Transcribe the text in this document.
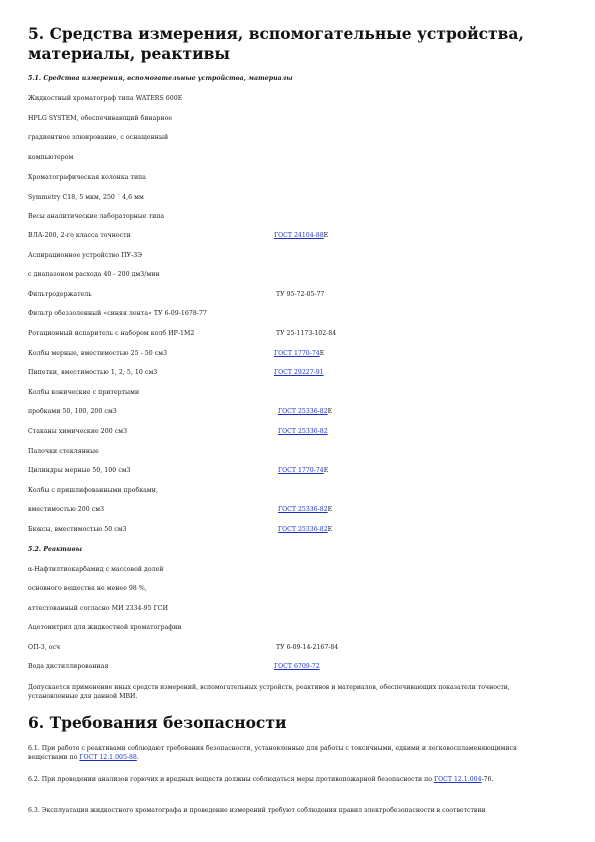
5. Средства измерения, вспомогательные устройства,
материалы, реактивы
5.1. Средства измерения, вспомогательные устройства, материалы
Жидкостный хроматограф типа WATERS 600E
HPLG SYSTEM, обеспечивающий бинарное
градиентное элюирование, с оснащенный
компьютером
Хроматографическая колонка типа
Symmetry C18, 5 мкм, 250 ´ 4,6 мм
Весы аналитические лабораторные типа
ВЛА-200, 2-го класса точности	ГОСТ 24104-88Е
Аспирационное устройство ПУ-3Э
с диапазоном расхода 40 - 200 дм3/мин
Фильтродержатель	ТУ 95-72-05-77
Фильтр обеззоленный «синяя лента» ТУ 6-09-1678-77
Ротационный испаритель с набором колб ИР-1М2	ТУ 25-1173-102-84
Колбы мерные, вместимостью 25 - 50 см3	ГОСТ 1770-74Е
Пипетки, вместимостью 1, 2, 5, 10 см3	ГОСТ 29227-91
Колбы конические с притертыми
пробками 50, 100, 200 см3	ГОСТ 25336-82Е
Стаканы химические 200 см3	ГОСТ 25336-82
Палочки стеклянные
Цилиндры мерные 50, 100 см3	ГОСТ 1770-74Е
Колбы с пришлифованными пробками,
вместимостью 200 см3	ГОСТ 25336-82Е
Бюксы, вместимостью 50 см3	ГОСТ 25336-82Е
5.2. Реактивы
α-Нафтилтиокарбамид с массовой долей
основного вещества не менее 98 %,
аттестованный согласно МИ 2334-95 ГСИ
Ацетонитрил для жидкостной хроматографии
ОП-3, осч	ТУ 6-09-14-2167-84
Вода дистиллированная	ГОСТ 6709-72
Допускается применение иных средств измерений, вспомогательных устройств, реактивов и материалов, обеспечивающих показатели точности, установленные для данной МВИ.
6. Требования безопасности
6.1. При работе с реактивами соблюдают требования безопасности, установленные для работы с токсичными, едкими и легковоспламеняющимися веществами по ГОСТ 12.1.005-88.
6.2. При проведении анализов горючих и вредных веществ должны соблюдаться меры противопожарной безопасности по ГОСТ 12.1.004-76.
6.3. Эксплуатация жидкостного хроматографа и проведение измерений требуют соблюдения правил электробезопасности в соответствии
